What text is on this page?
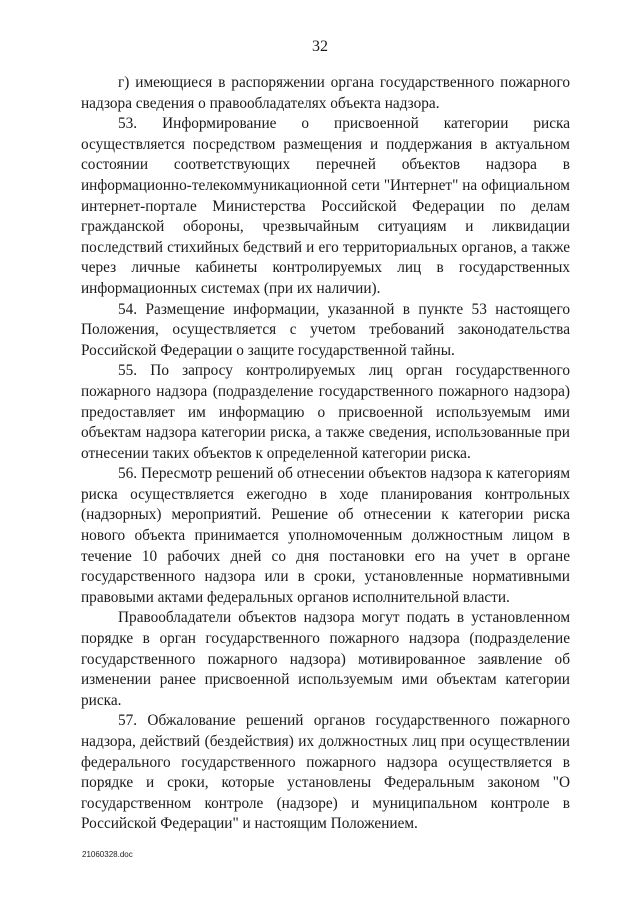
32

г) имеющиеся в распоряжении органа государственного пожарного надзора сведения о правообладателях объекта надзора.

53. Информирование о присвоенной категории риска осуществляется посредством размещения и поддержания в актуальном состоянии соответствующих перечней объектов надзора в информационно-телекоммуникационной сети "Интернет" на официальном интернет-портале Министерства Российской Федерации по делам гражданской обороны, чрезвычайным ситуациям и ликвидации последствий стихийных бедствий и его территориальных органов, а также через личные кабинеты контролируемых лиц в государственных информационных системах (при их наличии).

54. Размещение информации, указанной в пункте 53 настоящего Положения, осуществляется с учетом требований законодательства Российской Федерации о защите государственной тайны.

55. По запросу контролируемых лиц орган государственного пожарного надзора (подразделение государственного пожарного надзора) предоставляет им информацию о присвоенной используемым ими объектам надзора категории риска, а также сведения, использованные при отнесении таких объектов к определенной категории риска.

56. Пересмотр решений об отнесении объектов надзора к категориям риска осуществляется ежегодно в ходе планирования контрольных (надзорных) мероприятий. Решение об отнесении к категории риска нового объекта принимается уполномоченным должностным лицом в течение 10 рабочих дней со дня постановки его на учет в органе государственного надзора или в сроки, установленные нормативными правовыми актами федеральных органов исполнительной власти.

Правообладатели объектов надзора могут подать в установленном порядке в орган государственного пожарного надзора (подразделение государственного пожарного надзора) мотивированное заявление об изменении ранее присвоенной используемым ими объектам категории риска.

57. Обжалование решений органов государственного пожарного надзора, действий (бездействия) их должностных лиц при осуществлении федерального государственного пожарного надзора осуществляется в порядке и сроки, которые установлены Федеральным законом "О государственном контроле (надзоре) и муниципальном контроле в Российской Федерации" и настоящим Положением.

21060328.doc
